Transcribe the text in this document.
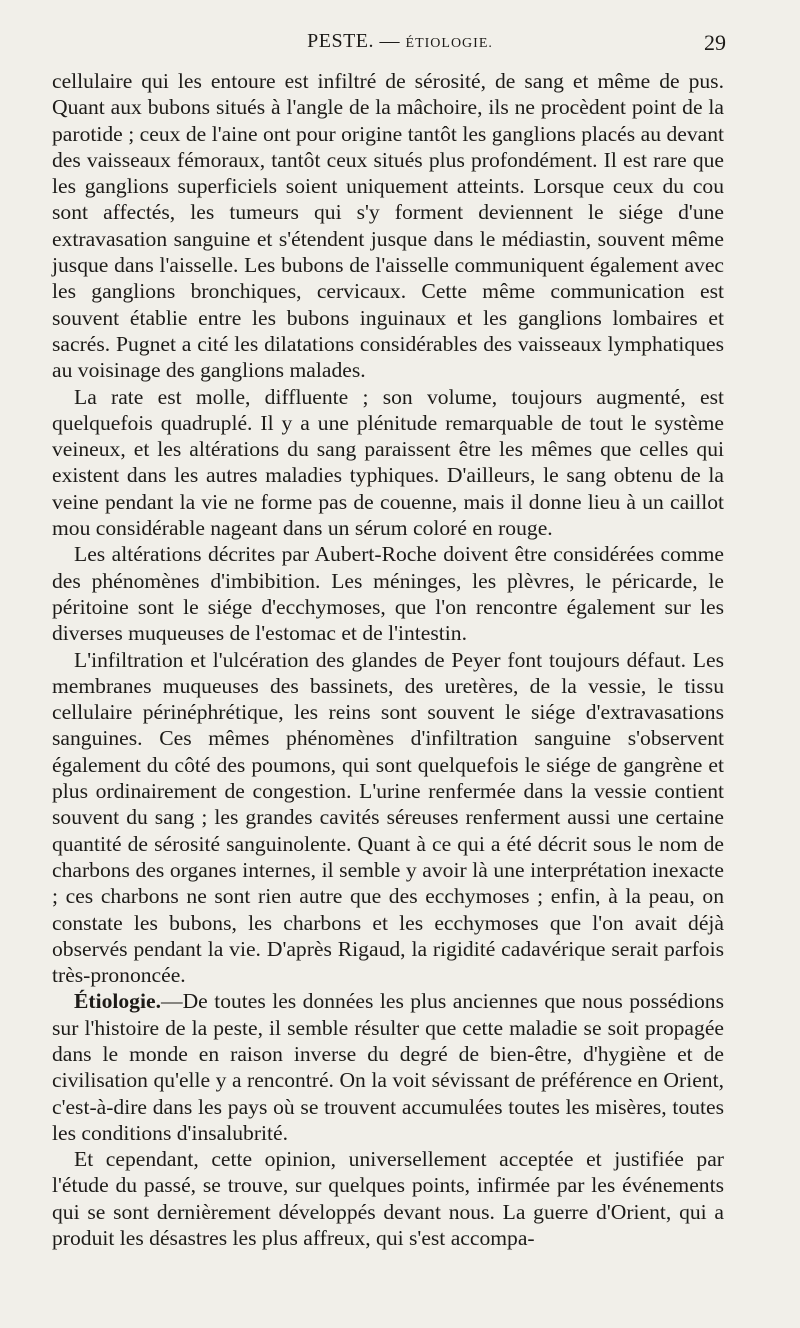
PESTE. — ÉTIOLOGIE.	29

cellulaire qui les entoure est infiltré de sérosité, de sang et même de pus. Quant aux bubons situés à l'angle de la mâchoire, ils ne procèdent point de la parotide ; ceux de l'aine ont pour origine tantôt les ganglions placés au devant des vaisseaux fémoraux, tantôt ceux situés plus profondément. Il est rare que les ganglions superficiels soient uniquement atteints. Lorsque ceux du cou sont affectés, les tumeurs qui s'y forment deviennent le siége d'une extravasation sanguine et s'étendent jusque dans le médiastin, souvent même jusque dans l'aisselle. Les bubons de l'aisselle communiquent également avec les ganglions bronchiques, cervicaux. Cette même communication est souvent établie entre les bubons inguinaux et les ganglions lombaires et sacrés. Pugnet a cité les dilatations considérables des vaisseaux lymphatiques au voisinage des ganglions malades.

La rate est molle, diffluente ; son volume, toujours augmenté, est quelquefois quadruplé. Il y a une plénitude remarquable de tout le système veineux, et les altérations du sang paraissent être les mêmes que celles qui existent dans les autres maladies typhiques. D'ailleurs, le sang obtenu de la veine pendant la vie ne forme pas de couenne, mais il donne lieu à un caillot mou considérable nageant dans un sérum coloré en rouge.

Les altérations décrites par Aubert-Roche doivent être considérées comme des phénomènes d'imbibition. Les méninges, les plèvres, le péricarde, le péritoine sont le siége d'ecchymoses, que l'on rencontre également sur les diverses muqueuses de l'estomac et de l'intestin.

L'infiltration et l'ulcération des glandes de Peyer font toujours défaut. Les membranes muqueuses des bassinets, des uretères, de la vessie, le tissu cellulaire périnéphrétique, les reins sont souvent le siége d'extravasations sanguines. Ces mêmes phénomènes d'infiltration sanguine s'observent également du côté des poumons, qui sont quelquefois le siége de gangrène et plus ordinairement de congestion. L'urine renfermée dans la vessie contient souvent du sang ; les grandes cavités séreuses renferment aussi une certaine quantité de sérosité sanguinolente. Quant à ce qui a été décrit sous le nom de charbons des organes internes, il semble y avoir là une interprétation inexacte ; ces charbons ne sont rien autre que des ecchymoses ; enfin, à la peau, on constate les bubons, les charbons et les ecchymoses que l'on avait déjà observés pendant la vie. D'après Rigaud, la rigidité cadavérique serait parfois très-prononcée.

Étiologie.—De toutes les données les plus anciennes que nous possédions sur l'histoire de la peste, il semble résulter que cette maladie se soit propagée dans le monde en raison inverse du degré de bien-être, d'hygiène et de civilisation qu'elle y a rencontré. On la voit sévissant de préférence en Orient, c'est-à-dire dans les pays où se trouvent accumulées toutes les misères, toutes les conditions d'insalubrité.

Et cependant, cette opinion, universellement acceptée et justifiée par l'étude du passé, se trouve, sur quelques points, infirmée par les événements qui se sont dernièrement développés devant nous. La guerre d'Orient, qui a produit les désastres les plus affreux, qui s'est accompa-
